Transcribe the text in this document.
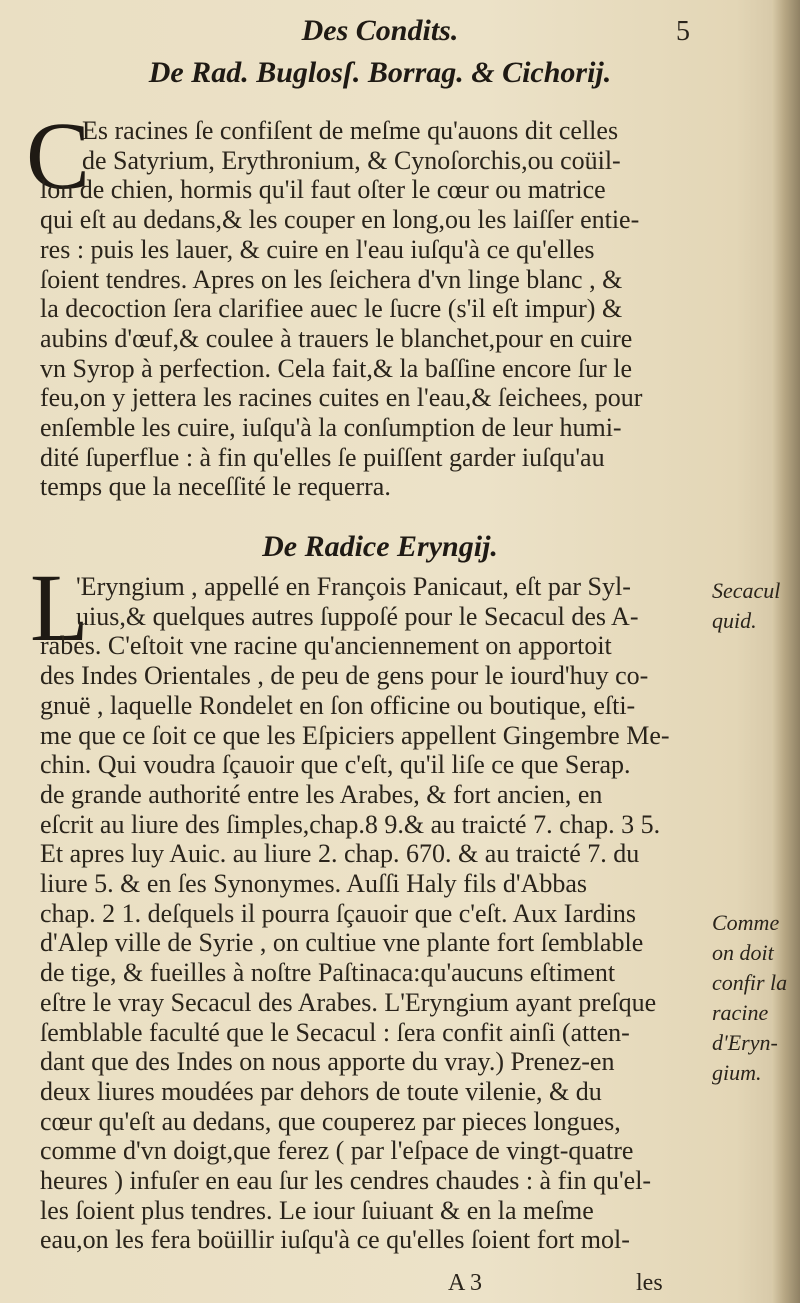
Des Condits.	5
De Rad. Buglosſ. Borrag. & Cichorij.
C
Es racines ſe confiſent de meſme qu'auons dit celles
de Satyrium, Erythronium, & Cynoſorchis,ou coüil-
lon de chien, hormis qu'il faut oſter le cœur ou matrice
qui eſt au dedans,& les couper en long,ou les laiſſer entie-
res : puis les lauer, & cuire en l'eau iuſqu'à ce qu'elles
ſoient tendres. Apres on les ſeichera d'vn linge blanc , &
la decoction ſera clarifiee auec le ſucre (s'il eſt impur) &
aubins d'œuf,& coulee à trauers le blanchet,pour en cuire
vn Syrop à perfection. Cela fait,& la baſſine encore ſur le
feu,on y jettera les racines cuites en l'eau,& ſeichees, pour
enſemble les cuire, iuſqu'à la conſumption de leur humi-
dité ſuperflue : à fin qu'elles ſe puiſſent garder iuſqu'au
temps que la neceſſité le requerra.
De Radice Eryngij.
L
'Eryngium , appellé en François Panicaut, eſt par Syl-
uius,& quelques autres ſuppoſé pour le Secacul des A-
rabes. C'eſtoit vne racine qu'anciennement on apportoit
des Indes Orientales , de peu de gens pour le iourd'huy co-
gnuë , laquelle Rondelet en ſon officine ou boutique, eſti-
me que ce ſoit ce que les Eſpiciers appellent Gingembre Me-
chin. Qui voudra ſçauoir que c'eſt, qu'il liſe ce que Serap.
de grande authorité entre les Arabes, & fort ancien, en
eſcrit au liure des ſimples,chap.8 9.& au traicté 7. chap. 3 5.
Et apres luy Auic. au liure 2. chap. 670. & au traicté 7. du
liure 5. & en ſes Synonymes. Auſſi Haly fils d'Abbas
chap. 2 1. deſquels il pourra ſçauoir que c'eſt. Aux Iardins
d'Alep ville de Syrie , on cultiue vne plante fort ſemblable
de tige, & fueilles à noſtre Paſtinaca:qu'aucuns eſtiment
eſtre le vray Secacul des Arabes. L'Eryngium ayant preſque
ſemblable faculté que le Secacul : ſera confit ainſi (atten-
dant que des Indes on nous apporte du vray.) Prenez-en
deux liures moudées par dehors de toute vilenie, & du
cœur qu'eſt au dedans, que couperez par pieces longues,
comme d'vn doigt,que ferez ( par l'eſpace de vingt-quatre
heures ) infuſer en eau ſur les cendres chaudes : à fin qu'el-
les ſoient plus tendres. Le iour ſuiuant & en la meſme
eau,on les fera boüillir iuſqu'à ce qu'elles ſoient fort mol-
Secacul
quid.
Comme
on doit
confir la
racine
d'Eryn-
gium.
A 3	les
